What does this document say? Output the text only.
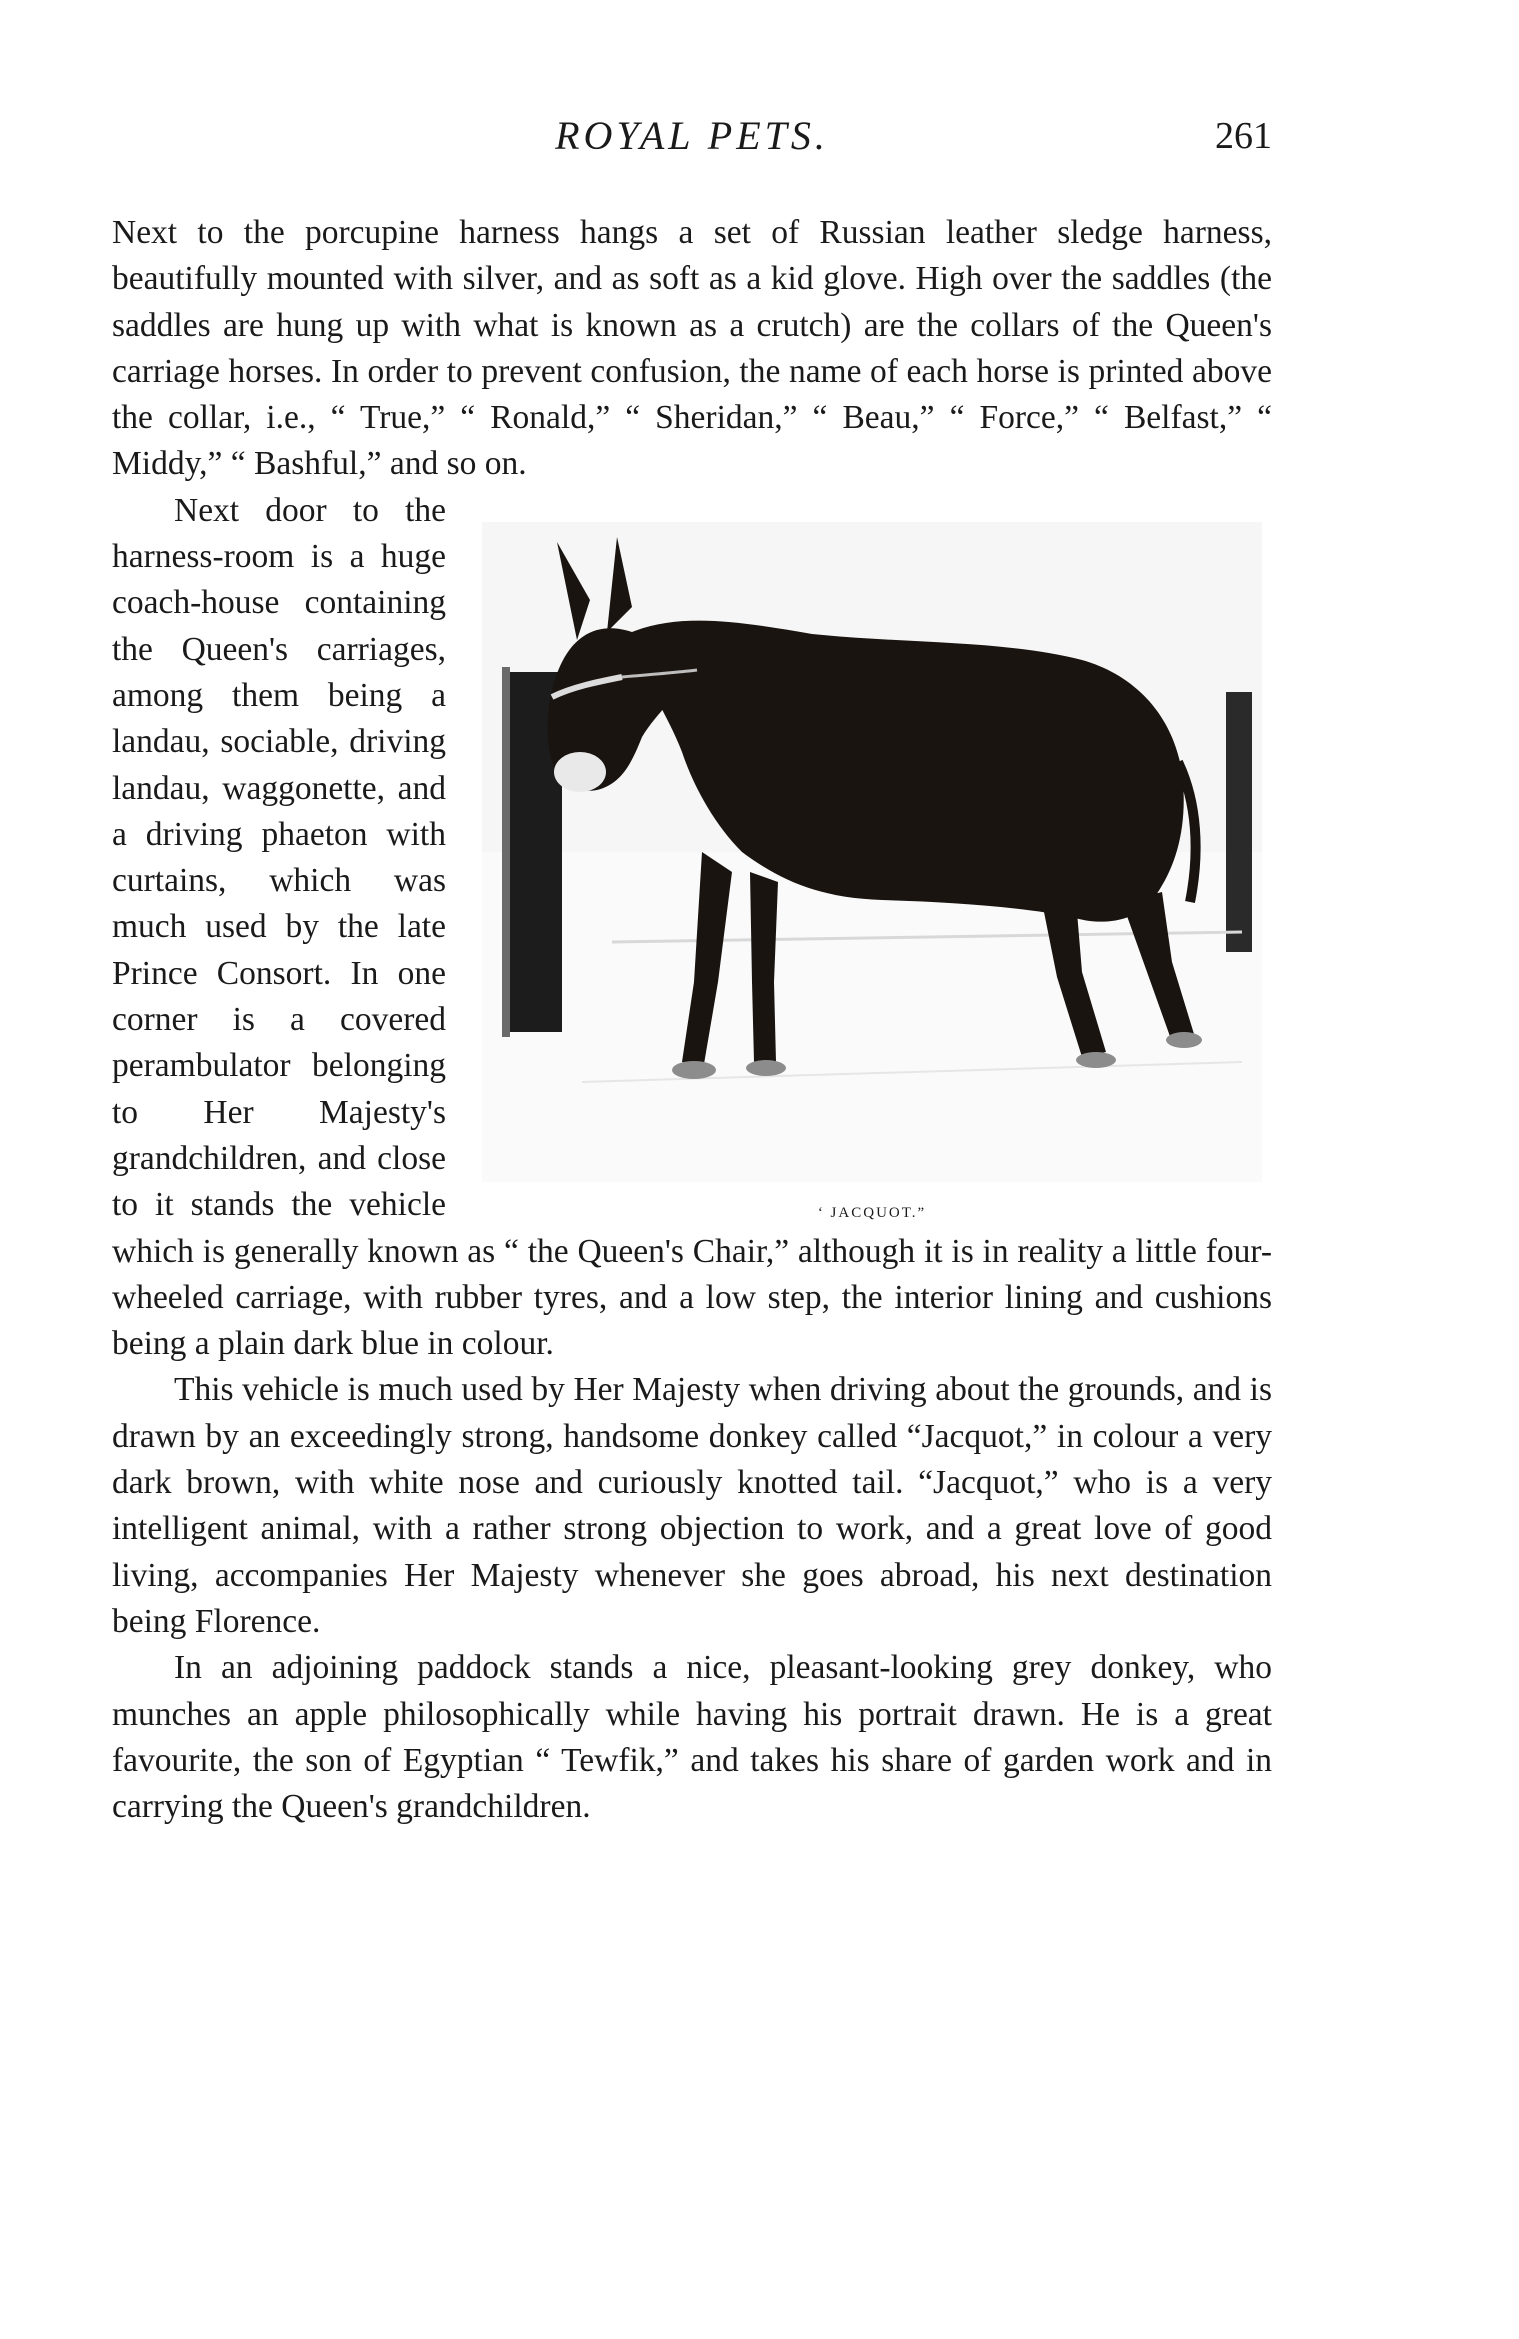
ROYAL PETS.	261

Next to the porcupine harness hangs a set of Russian leather sledge harness, beautifully mounted with silver, and as soft as a kid glove. High over the saddles (the saddles are hung up with what is known as a crutch) are the collars of the Queen's carriage horses. In order to prevent confusion, the name of each horse is printed above the collar, i.e., “ True,” “ Ronald,” “ Sheridan,” “ Beau,” “ Force,” “ Belfast,” “ Middy,” “ Bashful,” and so on.

‘ JACQUOT.”

Next door to the harness-room is a huge coach-house containing the Queen's carriages, among them being a landau, sociable, driving landau, waggonette, and a driving phaeton with curtains, which was much used by the late Prince Consort. In one corner is a covered perambulator belonging to Her Majesty's grandchildren, and close to it stands the vehicle which is generally known as “ the Queen's Chair,” although it is in reality a little four-wheeled carriage, with rubber tyres, and a low step, the interior lining and cushions being a plain dark blue in colour.

This vehicle is much used by Her Majesty when driving about the grounds, and is drawn by an exceedingly strong, handsome donkey called “Jacquot,” in colour a very dark brown, with white nose and curiously knotted tail. “Jacquot,” who is a very intelligent animal, with a rather strong objection to work, and a great love of good living, accompanies Her Majesty whenever she goes abroad, his next destination being Florence.

In an adjoining paddock stands a nice, pleasant-looking grey donkey, who munches an apple philosophically while having his portrait drawn. He is a great favourite, the son of Egyptian “ Tewfik,” and takes his share of garden work and in carrying the Queen's grandchildren.
